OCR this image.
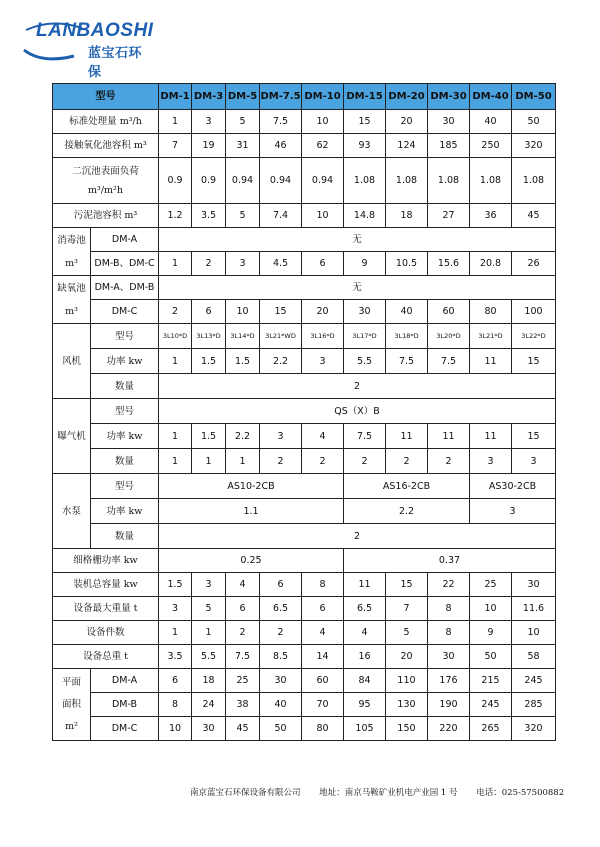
LANBAOSHI
蓝宝石环保
型号		DM-1	DM-3	DM-5	DM-7.5	DM-10	DM-15	DM-20	DM-30	DM-40	DM-50
标准处理量 m³/h		1	3	5	7.5	10	15	20	30	40	50
接触氧化池容积 m³		7	19	31	46	62	93	124	185	250	320

二沉池表面负荷
m³/m²h		0.9	0.9	0.94	0.94	0.94	1.08	1.08	1.08	1.08	1.08
污泥池容积 m³		1.2	3.5	5	7.4	10	14.8	18	27	36	45

消毒池
m³	DM-A	无									
	DM-B、DM-C	1	2	3	4.5	6	9	10.5	15.6	20.8	26

缺氧池
m³	DM-A、DM-B	无									
	DM-C	2	6	10	15	20	30	40	60	80	100
风机	型号	3L10*D	3L13*D	3L14*D	3L21*WD	3L16*D	3L17*D	3L18*D	3L20*D	3L21*D	3L22*D
	功率 kw	1	1.5	1.5	2.2	3	5.5	7.5	7.5	11	15
	数量	2									
曝气机	型号	QS（X）B									
	功率 kw	1	1.5	2.2	3	4	7.5	11	11	11	15
	数量	1	1	1	2	2	2	2	2	3	3
水泵	型号	AS10-2CB					AS16-2CB			AS30-2CB	
	功率 kw	1.1					2.2			3	
	数量	2									
细格栅功率 kw		0.25					0.37				
装机总容量 kw		1.5	3	4	6	8	11	15	22	25	30
设备最大重量 t		3	5	6	6.5	6	6.5	7	8	10	11.6
设备件数		1	1	2	2	4	4	5	8	9	10
设备总重 t		3.5	5.5	7.5	8.5	14	16	20	30	50	58

平面
面积
m²	DM-A	6	18	25	30	60	84	110	176	215	245
	DM-B	8	24	38	40	70	95	130	190	245	285
	DM-C	10	30	45	50	80	105	150	220	265	320
南京蓝宝石环保设备有限公司 地址：南京马鞍矿业机电产业园 1 号 电话：025-57500882
